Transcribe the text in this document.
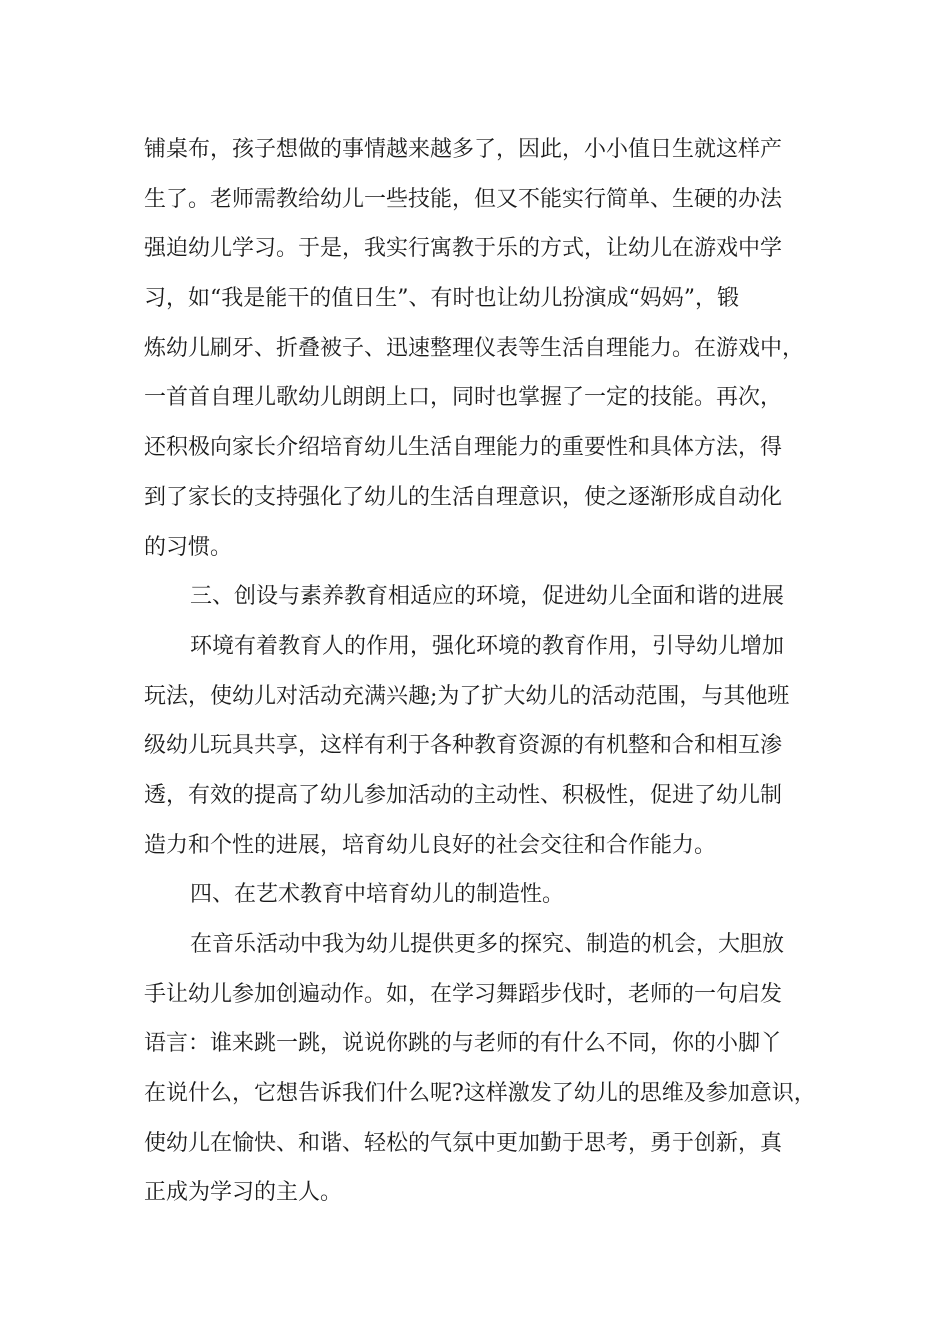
铺桌布，孩子想做的事情越来越多了，因此，小小值日生就这样产
生了。老师需教给幼儿一些技能，但又不能实行简单、生硬的办法
强迫幼儿学习。于是，我实行寓教于乐的方式，让幼儿在游戏中学
习，如“我是能干的值日生”、有时也让幼儿扮演成“妈妈”，锻
炼幼儿刷牙、折叠被子、迅速整理仪表等生活自理能力。在游戏中，
一首首自理儿歌幼儿朗朗上口，同时也掌握了一定的技能。再次，
还积极向家长介绍培育幼儿生活自理能力的重要性和具体方法，得
到了家长的支持强化了幼儿的生活自理意识，使之逐渐形成自动化
的习惯。
三、创设与素养教育相适应的环境，促进幼儿全面和谐的进展
环境有着教育人的作用，强化环境的教育作用，引导幼儿增加
玩法，使幼儿对活动充满兴趣;为了扩大幼儿的活动范围，与其他班
级幼儿玩具共享，这样有利于各种教育资源的有机整和合和相互渗
透，有效的提高了幼儿参加活动的主动性、积极性，促进了幼儿制
造力和个性的进展，培育幼儿良好的社会交往和合作能力。
四、在艺术教育中培育幼儿的制造性。
在音乐活动中我为幼儿提供更多的探究、制造的机会，大胆放
手让幼儿参加创遍动作。如，在学习舞蹈步伐时，老师的一句启发
语言：谁来跳一跳，说说你跳的与老师的有什么不同，你的小脚丫
在说什么，它想告诉我们什么呢?这样激发了幼儿的思维及参加意识，
使幼儿在愉快、和谐、轻松的气氛中更加勤于思考，勇于创新，真
正成为学习的主人。
